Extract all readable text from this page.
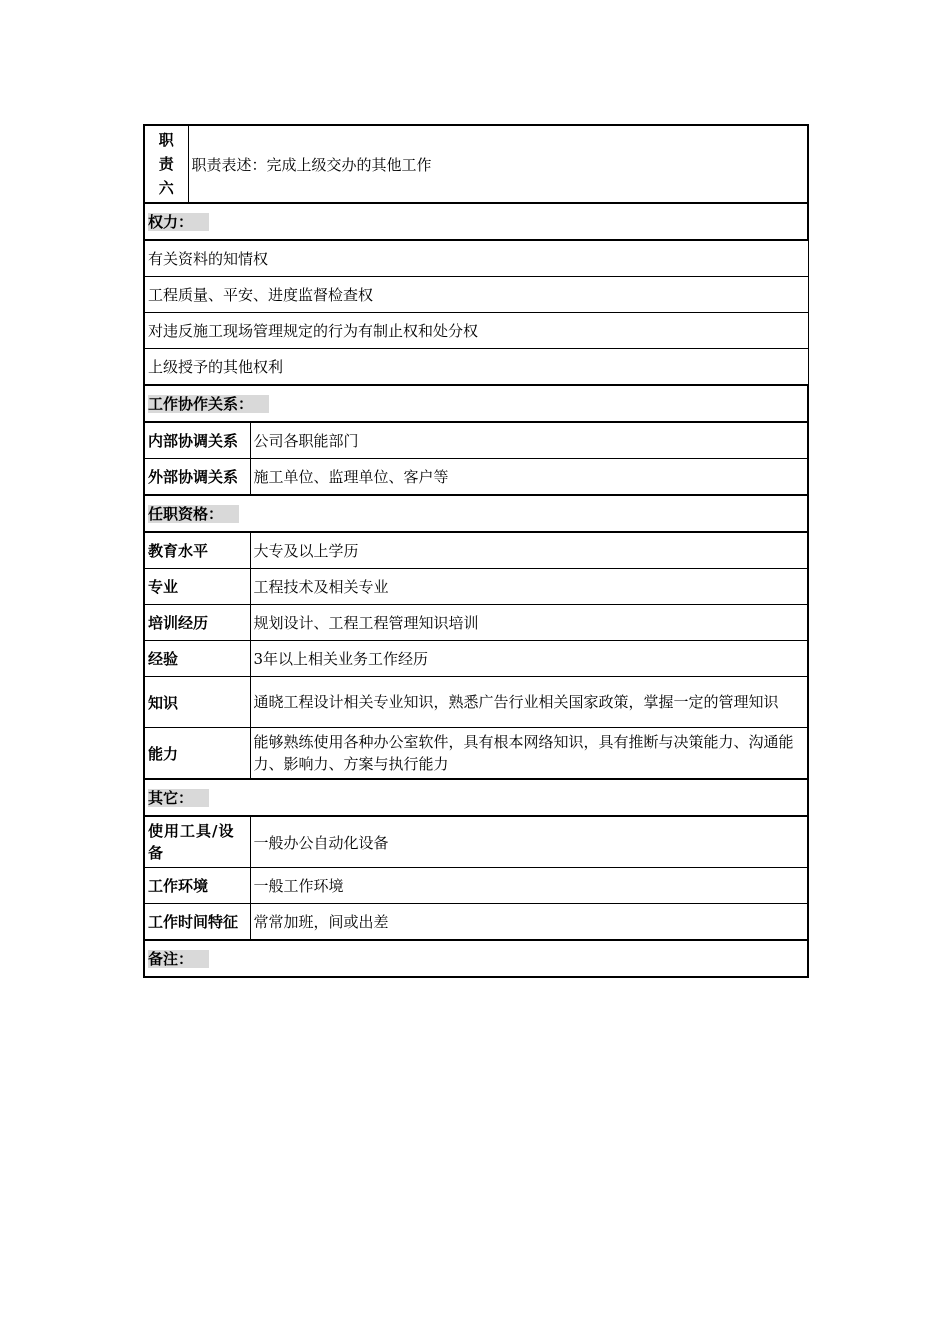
职
责
六	职责表述：完成上级交办的其他工作	
权力：		
有关资料的知情权		
工程质量、平安、进度监督检查权		
对违反施工现场管理规定的行为有制止权和处分权		
上级授予的其他权利		
工作协作关系：		
内部协调关系		公司各职能部门
外部协调关系		施工单位、监理单位、客户等
任职资格：		
教育水平		大专及以上学历
专业		工程技术及相关专业
培训经历		规划设计、工程工程管理知识培训
经验		3年以上相关业务工作经历
知识		通晓工程设计相关专业知识，熟悉广告行业相关国家政策，掌握一定的管理知识
能力		能够熟练使用各种办公室软件，具有根本网络知识，具有推断与决策能力、沟通能力、影响力、方案与执行能力
其它：		
使用工具/设备		一般办公自动化设备
工作环境		一般工作环境
工作时间特征		常常加班，间或出差
备注：		
